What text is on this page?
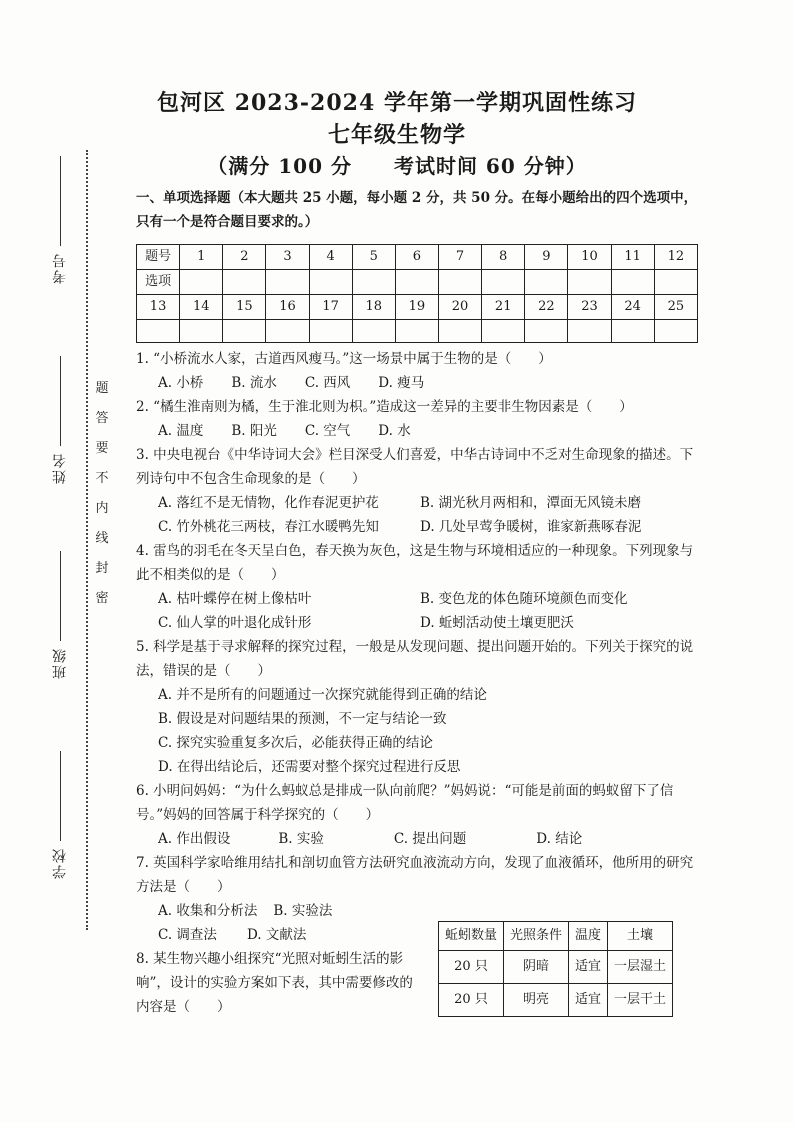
考号
姓名
班级
学校
题
答
要
不
内
线
封
密
包河区 2023-2024 学年第一学期巩固性练习
七年级生物学
（满分 100 分　　考试时间 60 分钟）
一、单项选择题（本大题共 25 小题，每小题 2 分，共 50 分。在每小题给出的四个选项中，只有一个是符合题目要求的。）
题号	1	2	3	4	5	6	7	8	9	10	11	12
选项												
13	14	15	16	17	18	19	20	21	22	23	24	25

1. “小桥流水人家，古道西风瘦马。”这一场景中属于生物的是（　　）
A. 小桥 B. 流水 C. 西风 D. 瘦马
2. “橘生淮南则为橘，生于淮北则为枳。”造成这一差异的主要非生物因素是（　　）
A. 温度 B. 阳光 C. 空气 D. 水
3. 中央电视台《中华诗词大会》栏目深受人们喜爱，中华古诗词中不乏对生命现象的描述。下列诗句中不包含生命现象的是（　　）
A. 落红不是无情物，化作春泥更护花	B. 湖光秋月两相和，潭面无风镜未磨
C. 竹外桃花三两枝，春江水暖鸭先知	D. 几处早莺争暖树，谁家新燕啄春泥
4. 雷鸟的羽毛在冬天呈白色，春天换为灰色，这是生物与环境相适应的一种现象。下列现象与此不相类似的是（　　）
A. 枯叶蝶停在树上像枯叶	B. 变色龙的体色随环境颜色而变化
C. 仙人掌的叶退化成针形	D. 蚯蚓活动使土壤更肥沃
5. 科学是基于寻求解释的探究过程，一般是从发现问题、提出问题开始的。下列关于探究的说法，错误的是（　　）
A. 并不是所有的问题通过一次探究就能得到正确的结论
B. 假设是对问题结果的预测，不一定与结论一致
C. 探究实验重复多次后，必能获得正确的结论
D. 在得出结论后，还需要对整个探究过程进行反思
6. 小明问妈妈：“为什么蚂蚁总是排成一队向前爬？”妈妈说：“可能是前面的蚂蚁留下了信号。”妈妈的回答属于科学探究的（　　）
A. 作出假设	B. 实验	C. 提出问题	D. 结论
7. 英国科学家哈维用结扎和剖切血管方法研究血液流动方向，发现了血液循环，他所用的研究方法是（　　）
A. 收集和分析法 B. 实验法
C. 调查法 D. 文献法
8. 某生物兴趣小组探究“光照对蚯蚓生活的影响”，设计的实验方案如下表，其中需要修改的内容是（　　）
蚯蚓数量	光照条件	温度	土壤
20 只	阴暗	适宜	一层湿土
20 只	明亮	适宜	一层干土
